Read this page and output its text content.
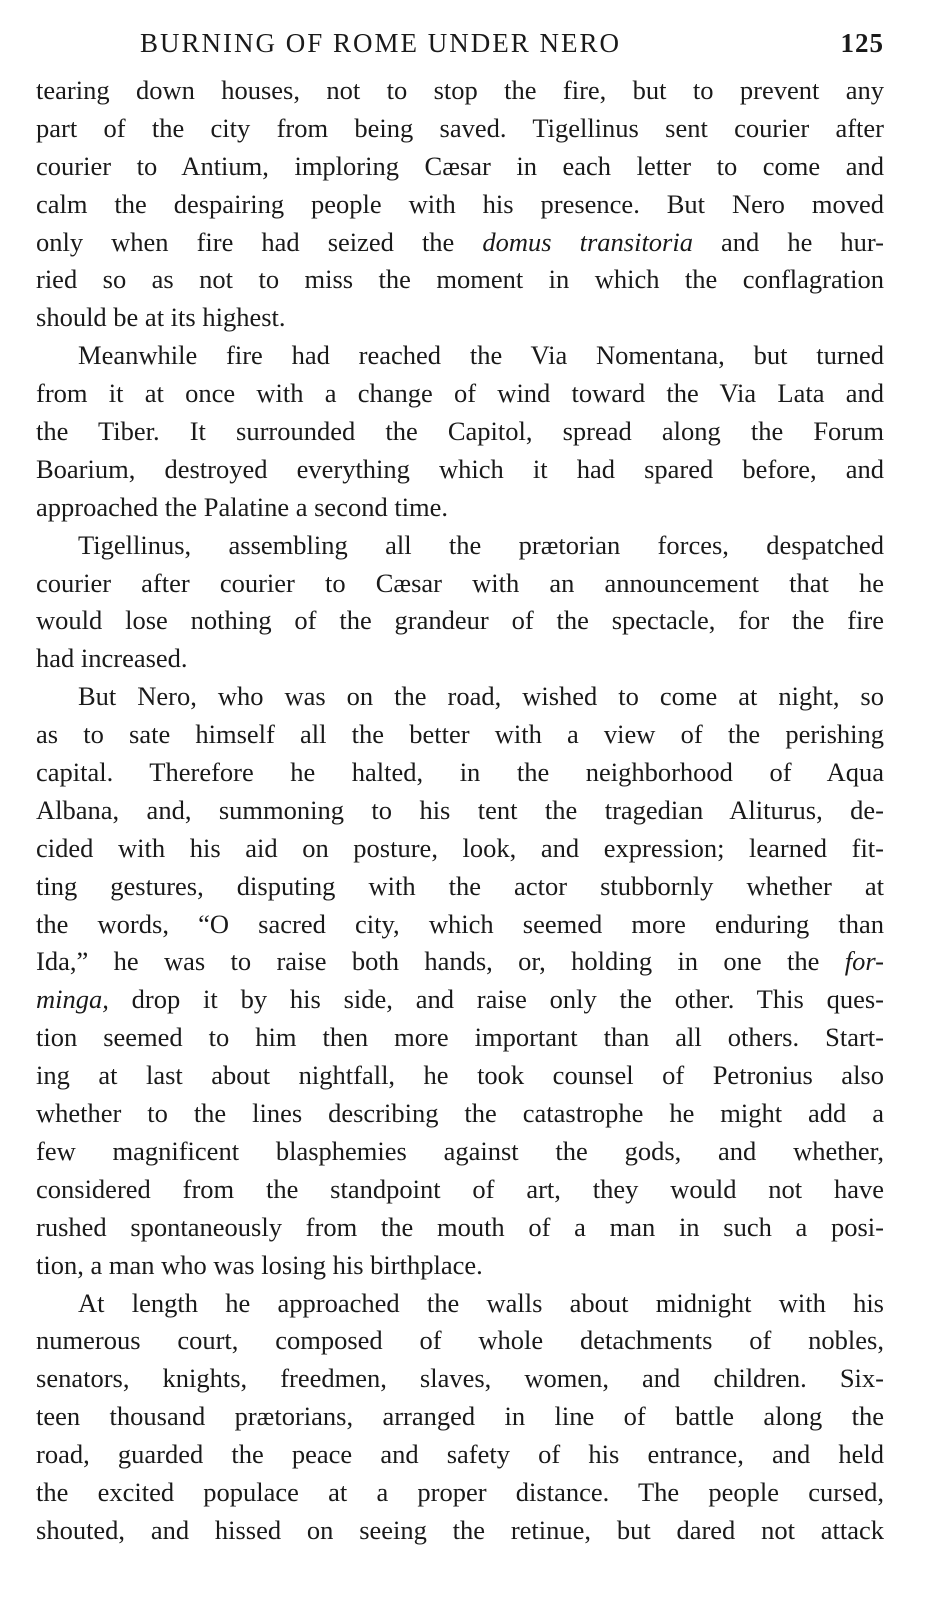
BURNING OF ROME UNDER NERO	125
tearing down houses, not to stop the fire, but to prevent any
part of the city from being saved. Tigellinus sent courier after
courier to Antium, imploring Cæsar in each letter to come and
calm the despairing people with his presence. But Nero moved
only when fire had seized the domus transitoria and he hur-
ried so as not to miss the moment in which the conflagration
should be at its highest.
Meanwhile fire had reached the Via Nomentana, but turned
from it at once with a change of wind toward the Via Lata and
the Tiber. It surrounded the Capitol, spread along the Forum
Boarium, destroyed everything which it had spared before, and
approached the Palatine a second time.
Tigellinus, assembling all the prætorian forces, despatched
courier after courier to Cæsar with an announcement that he
would lose nothing of the grandeur of the spectacle, for the fire
had increased.
But Nero, who was on the road, wished to come at night, so
as to sate himself all the better with a view of the perishing
capital. Therefore he halted, in the neighborhood of Aqua
Albana, and, summoning to his tent the tragedian Aliturus, de-
cided with his aid on posture, look, and expression; learned fit-
ting gestures, disputing with the actor stubbornly whether at
the words, “O sacred city, which seemed more enduring than
Ida,” he was to raise both hands, or, holding in one the for-
minga, drop it by his side, and raise only the other. This ques-
tion seemed to him then more important than all others. Start-
ing at last about nightfall, he took counsel of Petronius also
whether to the lines describing the catastrophe he might add a
few magnificent blasphemies against the gods, and whether,
considered from the standpoint of art, they would not have
rushed spontaneously from the mouth of a man in such a posi-
tion, a man who was losing his birthplace.
At length he approached the walls about midnight with his
numerous court, composed of whole detachments of nobles,
senators, knights, freedmen, slaves, women, and children. Six-
teen thousand prætorians, arranged in line of battle along the
road, guarded the peace and safety of his entrance, and held
the excited populace at a proper distance. The people cursed,
shouted, and hissed on seeing the retinue, but dared not attack
